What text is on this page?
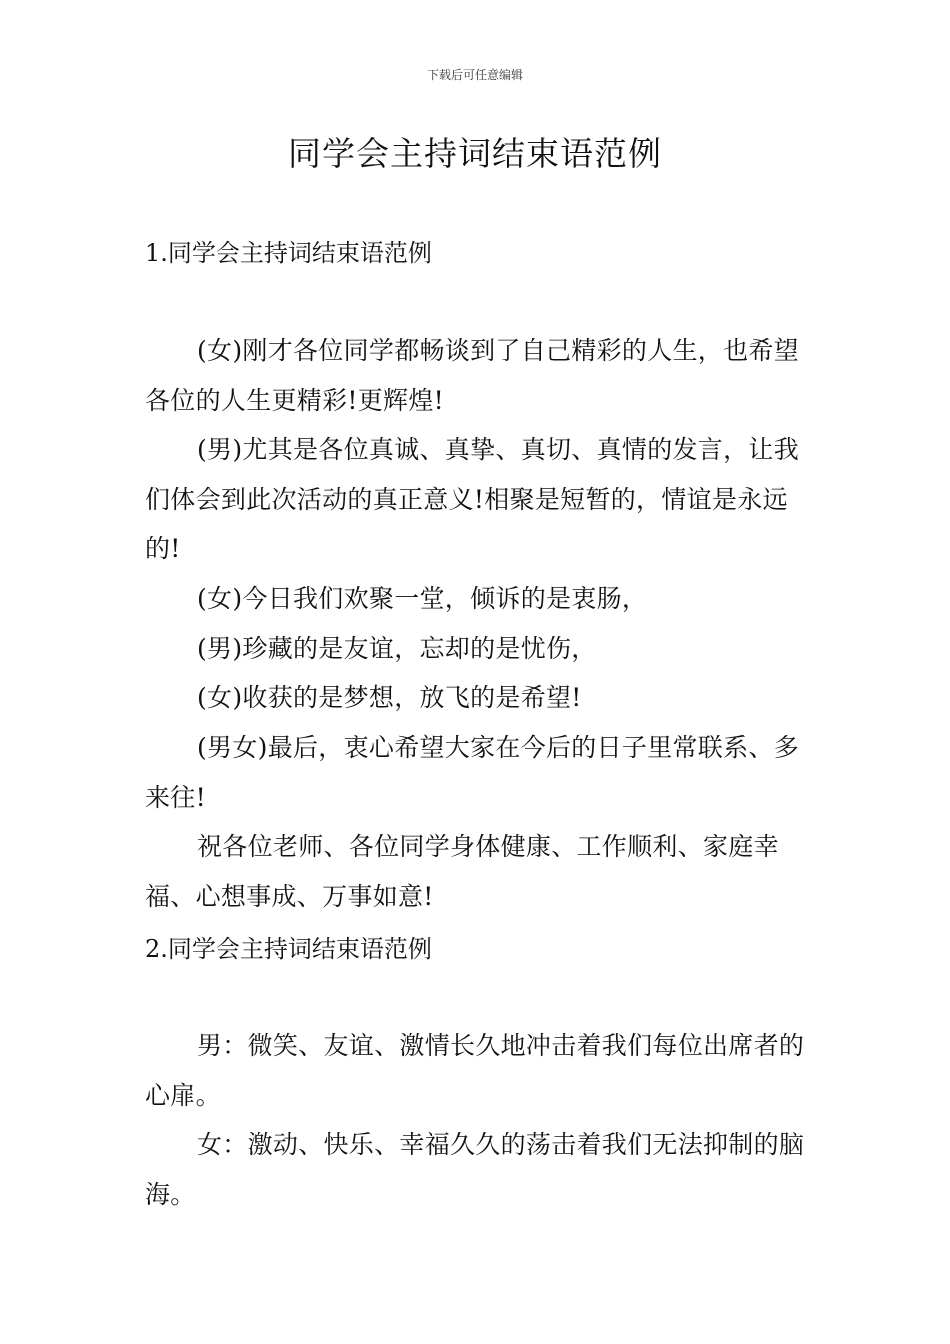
下载后可任意编辑
同学会主持词结束语范例
1.同学会主持词结束语范例

(女)刚才各位同学都畅谈到了自己精彩的人生，也希望各位的人生更精彩!更辉煌!

(男)尤其是各位真诚、真挚、真切、真情的发言，让我们体会到此次活动的真正意义!相聚是短暂的，情谊是永远的!

(女)今日我们欢聚一堂，倾诉的是衷肠，

(男)珍藏的是友谊，忘却的是忧伤，

(女)收获的是梦想，放飞的是希望!

(男女)最后，衷心希望大家在今后的日子里常联系、多来往!

祝各位老师、各位同学身体健康、工作顺利、家庭幸福、心想事成、万事如意!

2.同学会主持词结束语范例

男：微笑、友谊、激情长久地冲击着我们每位出席者的心扉。

女：激动、快乐、幸福久久的荡击着我们无法抑制的脑海。
